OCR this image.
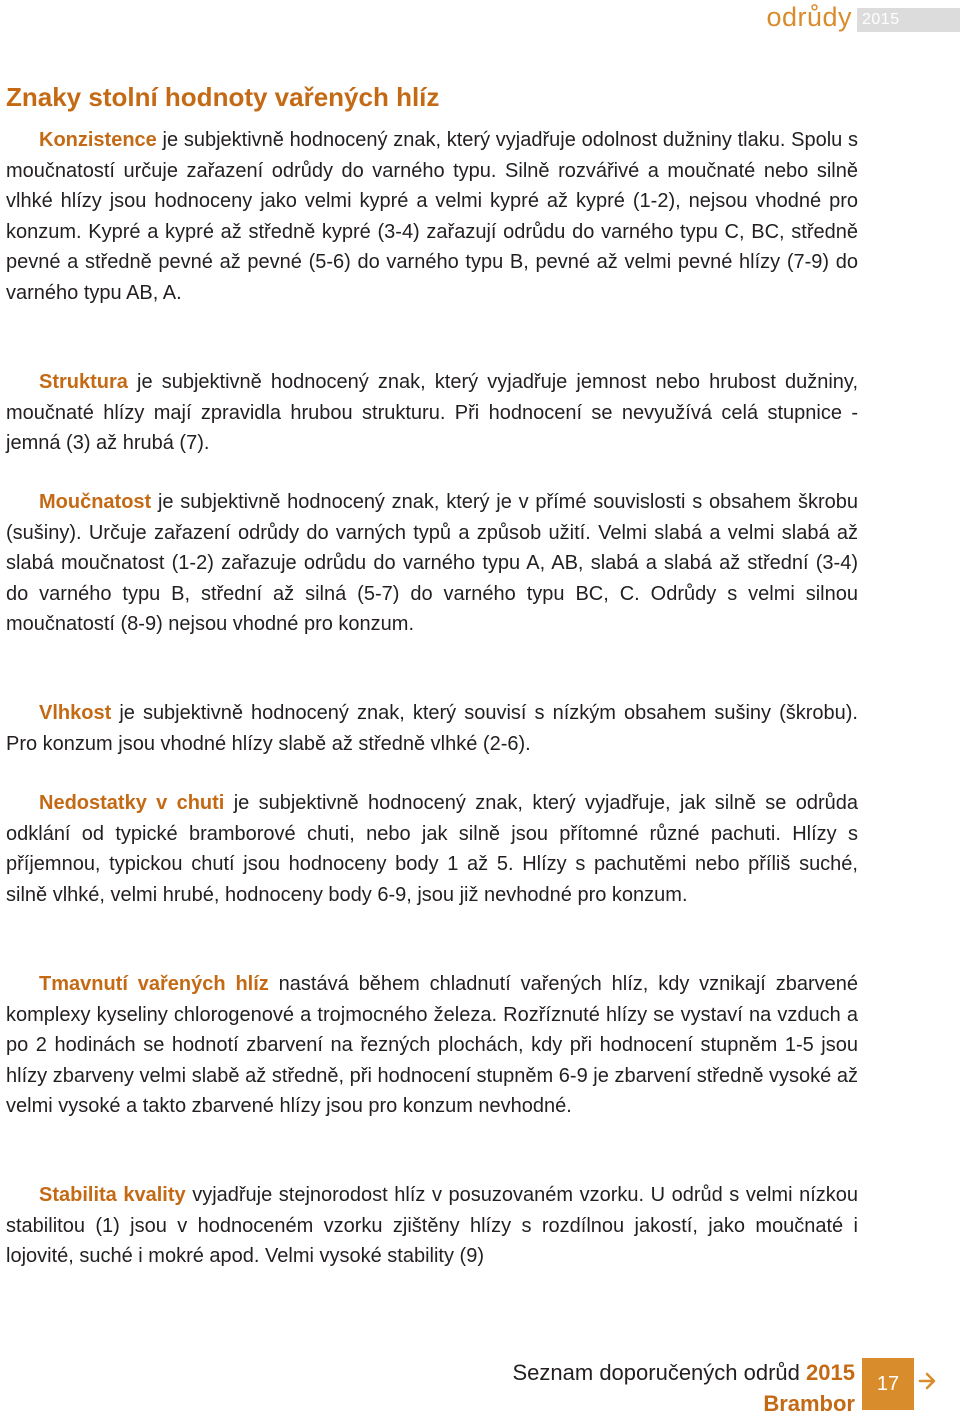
odrůdy 2015
Znaky stolní hodnoty vařených hlíz

Konzistence je subjektivně hodnocený znak, který vyjadřuje odolnost dužniny tlaku. Spolu s moučnatostí určuje zařazení odrůdy do varného typu. Silně rozvářivé a moučnaté nebo silně vlhké hlízy jsou hodnoceny jako velmi kypré a velmi kypré až kypré (1-2), nejsou vhodné pro konzum. Kypré a kypré až středně kypré (3-4) zařazují odrůdu do varného typu C, BC, středně pevné a středně pevné až pevné (5-6) do varného typu B, pevné až velmi pevné hlízy (7-9) do varného typu AB, A.

Struktura je subjektivně hodnocený znak, který vyjadřuje jemnost nebo hrubost dužniny, moučnaté hlízy mají zpravidla hrubou strukturu. Při hodnocení se nevyužívá celá stupnice - jemná (3) až hrubá (7).

Moučnatost je subjektivně hodnocený znak, který je v přímé souvislosti s obsahem škrobu (sušiny). Určuje zařazení odrůdy do varných typů a způsob užití. Velmi slabá a velmi slabá až slabá moučnatost (1-2) zařazuje odrůdu do varného typu A, AB, slabá a slabá až střední (3-4) do varného typu B, střední až silná (5-7) do varného typu BC, C. Odrůdy s velmi silnou moučnatostí (8-9) nejsou vhodné pro konzum.

Vlhkost je subjektivně hodnocený znak, který souvisí s nízkým obsahem sušiny (škrobu). Pro konzum jsou vhodné hlízy slabě až středně vlhké (2-6).

Nedostatky v chuti je subjektivně hodnocený znak, který vyjadřuje, jak silně se odrůda odklání od typické bramborové chuti, nebo jak silně jsou přítomné různé pachuti. Hlízy s příjemnou, typickou chutí jsou hodnoceny body 1 až 5. Hlízy s pachutěmi nebo příliš suché, silně vlhké, velmi hrubé, hodnoceny body 6-9, jsou již nevhodné pro konzum.

Tmavnutí vařených hlíz nastává během chladnutí vařených hlíz, kdy vznikají zbarvené komplexy kyseliny chlorogenové a trojmocného železa. Rozříznuté hlízy se vystaví na vzduch a po 2 hodinách se hodnotí zbarvení na řezných plochách, kdy při hodnocení stupněm 1-5 jsou hlízy zbarveny velmi slabě až středně, při hodnocení stupněm 6-9 je zbarvení středně vysoké až velmi vysoké a takto zbarvené hlízy jsou pro konzum nevhodné.

Stabilita kvality vyjadřuje stejnorodost hlíz v posuzovaném vzorku. U odrůd s velmi nízkou stabilitou (1) jsou v hodnoceném vzorku zjištěny hlízy s rozdílnou jakostí, jako moučnaté i lojovité, suché i mokré apod. Velmi vysoké stability (9)

Seznam doporučených odrůd 2015
Brambor
17
